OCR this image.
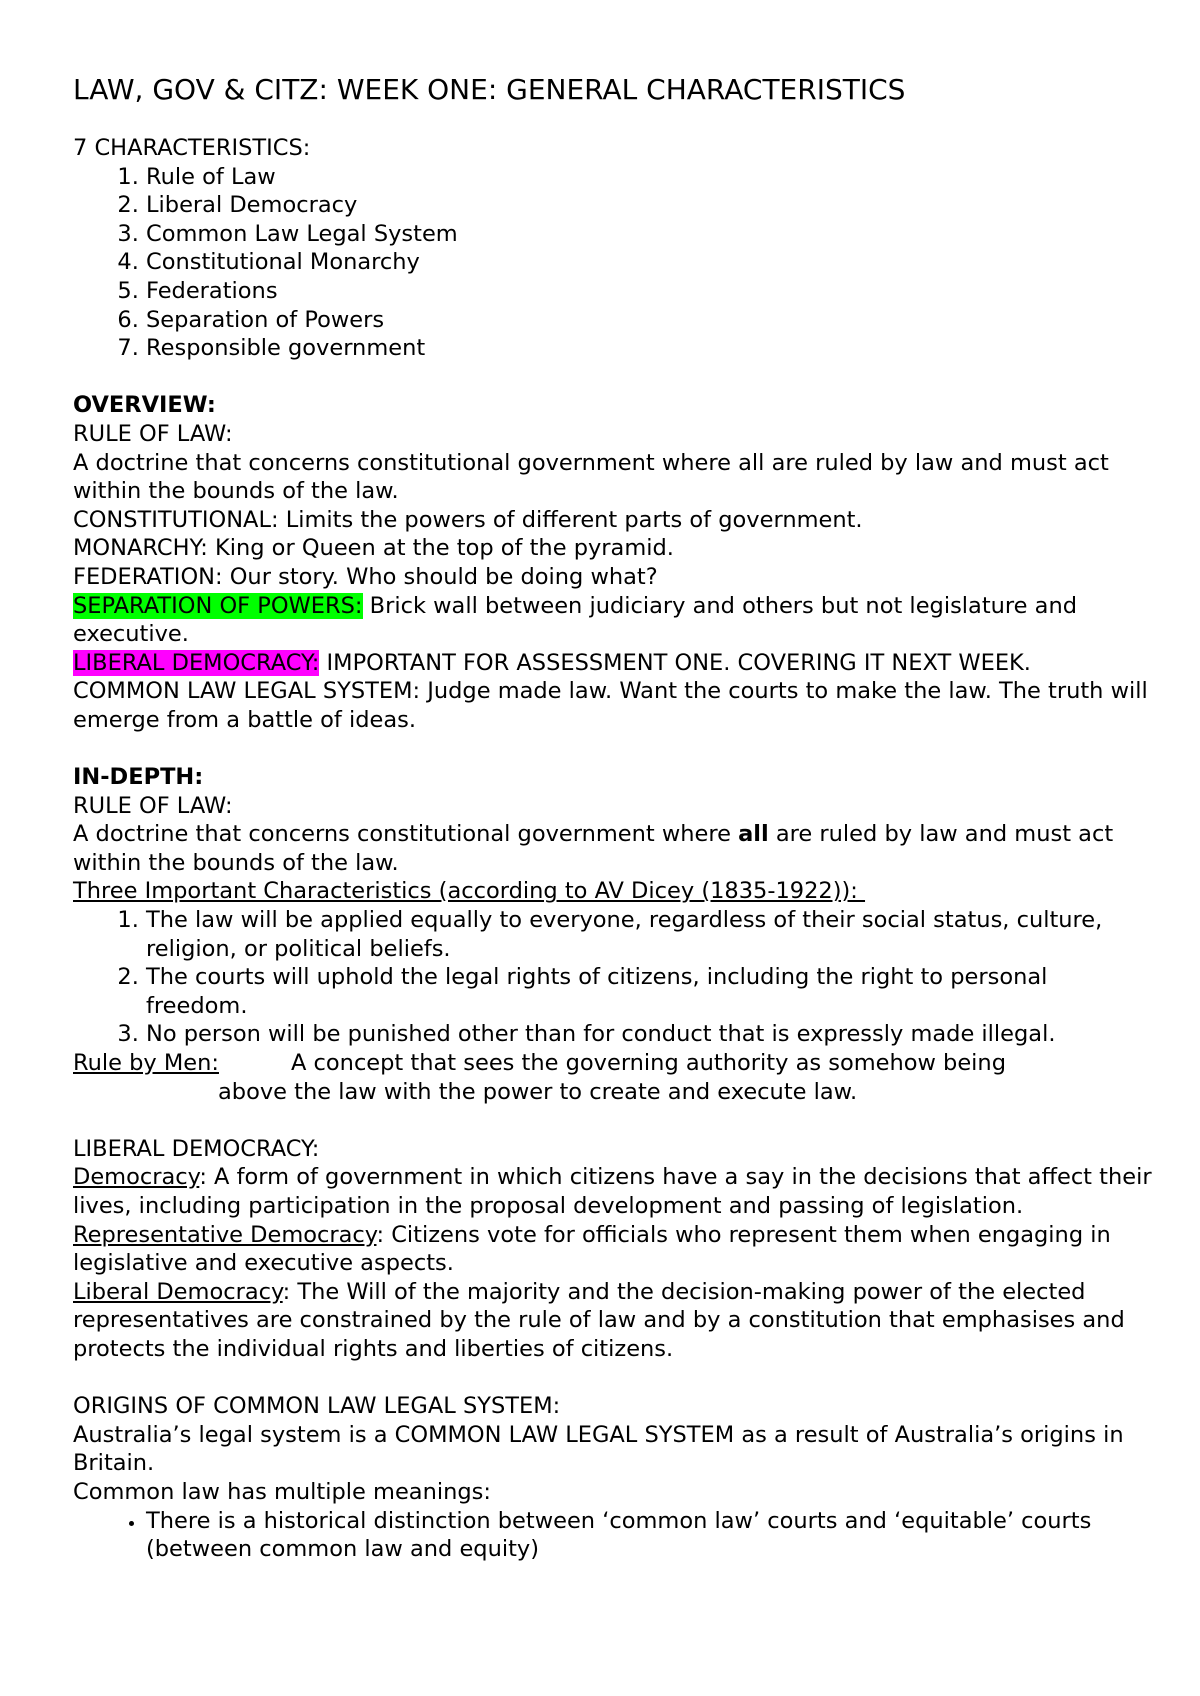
LAW, GOV & CITZ: WEEK ONE: GENERAL CHARACTERISTICS

7 CHARACTERISTICS:

1. Rule of Law
2. Liberal Democracy
3. Common Law Legal System
4. Constitutional Monarchy
5. Federations
6. Separation of Powers
7. Responsible government

OVERVIEW:

RULE OF LAW:

A doctrine that concerns constitutional government where all are ruled by law and must act within the bounds of the law.

CONSTITUTIONAL: Limits the powers of different parts of government.

MONARCHY: King or Queen at the top of the pyramid.

FEDERATION: Our story. Who should be doing what?

SEPARATION OF POWERS: Brick wall between judiciary and others but not legislature and executive.

LIBERAL DEMOCRACY: IMPORTANT FOR ASSESSMENT ONE. COVERING IT NEXT WEEK.

COMMON LAW LEGAL SYSTEM: Judge made law. Want the courts to make the law. The truth will emerge from a battle of ideas.

IN-DEPTH:

RULE OF LAW:

A doctrine that concerns constitutional government where all are ruled by law and must act within the bounds of the law.

Three Important Characteristics (according to AV Dicey (1835-1922)):

1. The law will be applied equally to everyone, regardless of their social status, culture, religion, or political beliefs.
2. The courts will uphold the legal rights of citizens, including the right to personal freedom.
3. No person will be punished other than for conduct that is expressly made illegal.

Rule by Men:	A concept that sees the governing authority as somehow being

above the law with the power to create and execute law.

LIBERAL DEMOCRACY:

Democracy: A form of government in which citizens have a say in the decisions that affect their lives, including participation in the proposal development and passing of legislation.

Representative Democracy: Citizens vote for officials who represent them when engaging in legislative and executive aspects.

Liberal Democracy: The Will of the majority and the decision-making power of the elected representatives are constrained by the rule of law and by a constitution that emphasises and protects the individual rights and liberties of citizens.

ORIGINS OF COMMON LAW LEGAL SYSTEM:

Australia’s legal system is a COMMON LAW LEGAL SYSTEM as a result of Australia’s origins in Britain.

Common law has multiple meanings:

• There is a historical distinction between ‘common law’ courts and ‘equitable’ courts (between common law and equity)
